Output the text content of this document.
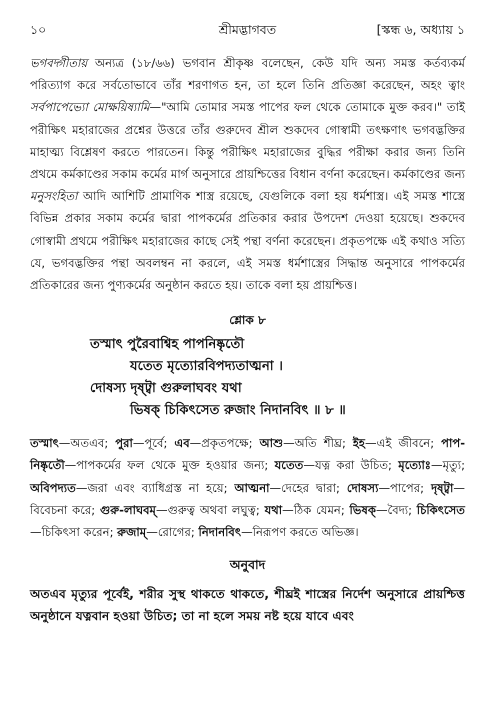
১০	শ্রীমদ্ভাগবত	[স্কন্ধ ৬, অধ্যায় ১

ভগবদ্গীতায় অন্যত্র (১৮/৬৬) ভগবান শ্রীকৃষ্ণ বলেছেন, কেউ যদি অন্য সমস্ত কর্তব্যকর্ম পরিত্যাগ করে সর্বতোভাবে তাঁর শরণাগত হন, তা হলে তিনি প্রতিজ্ঞা করেছেন, অহং ত্বাং সর্বপাপেভ্যো মোক্ষয়িষ্যামি—"আমি তোমার সমস্ত পাপের ফল থেকে তোমাকে মুক্ত করব।" তাই পরীক্ষিৎ মহারাজের প্রশ্নের উত্তরে তাঁর গুরুদেব শ্রীল শুকদেব গোস্বামী তৎক্ষণাৎ ভগবদ্ভক্তির মাহাত্ম্য বিশ্লেষণ করতে পারতেন। কিন্তু পরীক্ষিৎ মহারাজের বুদ্ধির পরীক্ষা করার জন্য তিনি প্রথমে কর্মকাণ্ডের সকাম কর্মের মার্গ অনুসারে প্রায়শ্চিত্তের বিধান বর্ণনা করেছেন। কর্মকাণ্ডের জন্য মনুসংহিতা আদি আশিটি প্রামাণিক শাস্ত্র রয়েছে, যেগুলিকে বলা হয় ধর্মশাস্ত্র। এই সমস্ত শাস্ত্রে বিভিন্ন প্রকার সকাম কর্মের দ্বারা পাপকর্মের প্রতিকার করার উপদেশ দেওয়া হয়েছে। শুকদেব গোস্বামী প্রথমে পরীক্ষিৎ মহারাজের কাছে সেই পন্থা বর্ণনা করেছেন। প্রকৃতপক্ষে এই কথাও সত্যি যে, ভগবদ্ভক্তির পন্থা অবলম্বন না করলে, এই সমস্ত ধর্মশাস্ত্রের সিদ্ধান্ত অনুসারে পাপকর্মের প্রতিকারের জন্য পুণ্যকর্মের অনুষ্ঠান করতে হয়। তাকে বলা হয় প্রায়শ্চিত্ত।

শ্লোক ৮
তস্মাৎ পুরৈবাশ্বিহ পাপনিষ্কৃতৌ
যতেত মৃত্যোরবিপদ্যতাত্মনা ।
দোষস্য দৃষ্ট্বা গুরুলাঘবং যথা
ভিষক্ চিকিৎসেত রুজাং নিদানবিৎ ॥ ৮ ॥
তস্মাৎ—অতএব; পুরা—পূর্বে; এব—প্রকৃতপক্ষে; আশু—অতি শীঘ্র; ইহ—এই জীবনে; পাপ-নিষ্কৃতৌ—পাপকর্মের ফল থেকে মুক্ত হওয়ার জন্য; যতেত—যত্ন করা উচিত; মৃত্যোঃ—মৃত্যু; অবিপদ্যত—জরা এবং ব্যাধিগ্রস্ত না হয়ে; আত্মনা—দেহের দ্বারা; দোষস্য—পাপের; দৃষ্ট্বা—বিবেচনা করে; গুরু-লাঘবম্—গুরুত্ব অথবা লঘুত্ব; যথা—ঠিক যেমন; ভিষক্—বৈদ্য; চিকিৎসেত—চিকিৎসা করেন; রুজাম্—রোগের; নিদানবিৎ—নিরূপণ করতে অভিজ্ঞ।
অনুবাদ
অতএব মৃত্যুর পূর্বেই, শরীর সুস্থ থাকতে থাকতে, শীঘ্রই শাস্ত্রের নির্দেশ অনুসারে প্রায়শ্চিত্ত অনুষ্ঠানে যত্নবান হওয়া উচিত; তা না হলে সময় নষ্ট হয়ে যাবে এবং
